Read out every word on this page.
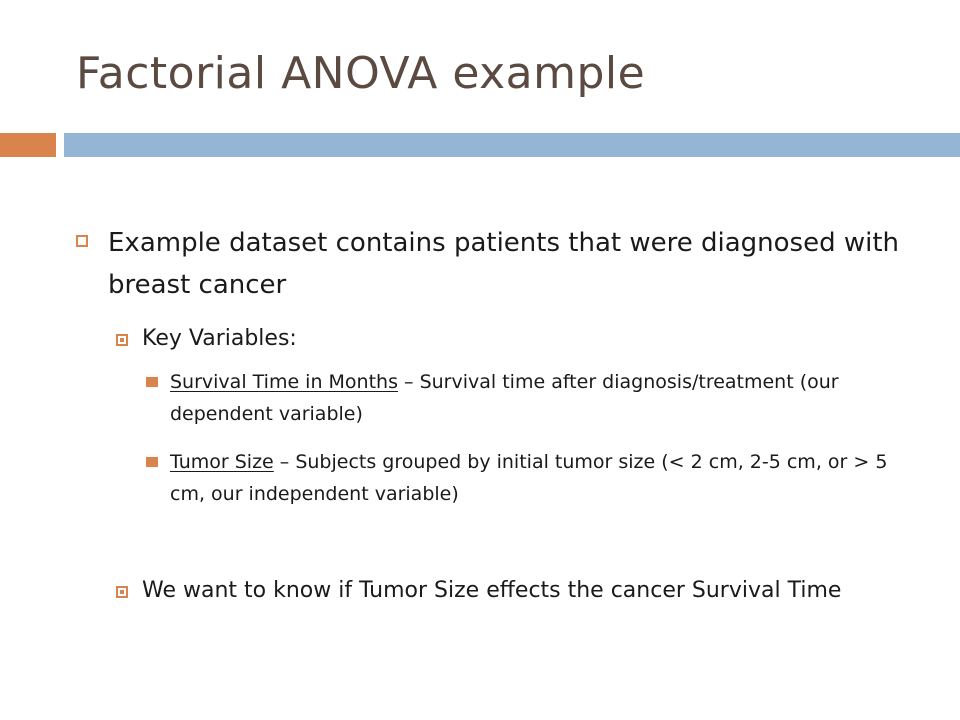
Factorial ANOVA example
Example dataset contains patients that were diagnosed with breast cancer
Key Variables:
Survival Time in Months – Survival time after diagnosis/treatment (our dependent variable)
Tumor Size – Subjects grouped by initial tumor size (< 2 cm, 2-5 cm, or > 5 cm, our independent variable)
We want to know if Tumor Size effects the cancer Survival Time
